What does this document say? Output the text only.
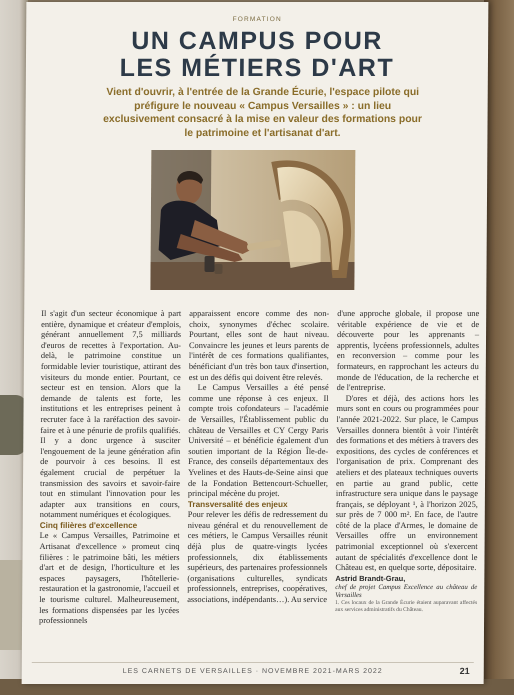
FORMATION
UN CAMPUS POUR
LES MÉTIERS D'ART
Vient d'ouvrir, à l'entrée de la Grande Écurie, l'espace pilote qui préfigure le nouveau « Campus Versailles » : un lieu exclusivement consacré à la mise en valeur des formations pour le patrimoine et l'artisanat d'art.

Il s'agit d'un secteur économique à part entière, dynamique et créateur d'emplois, générant annuellement 7,5 milliards d'euros de recettes à l'exportation. Au-delà, le patrimoine constitue un formidable levier touristique, attirant des visiteurs du monde entier. Pourtant, ce secteur est en tension. Alors que la demande de talents est forte, les institutions et les entreprises peinent à recruter face à la raréfaction des savoir-faire et à une pénurie de profils qualifiés. Il y a donc urgence à susciter l'engouement de la jeune génération afin de pourvoir à ces besoins. Il est également crucial de perpétuer la transmission des savoirs et savoir-faire tout en stimulant l'innovation pour les adapter aux transitions en cours, notamment numériques et écologiques.

Cinq filières d'excellence

Le « Campus Versailles, Patrimoine et Artisanat d'excellence » promeut cinq filières : le patrimoine bâti, les métiers d'art et de design, l'horticulture et les espaces paysagers, l'hôtellerie-restauration et la gastronomie, l'accueil et le tourisme culturel. Malheureusement, les formations dispensées par les lycées professionnels

apparaissent encore comme des non-choix, synonymes d'échec scolaire. Pourtant, elles sont de haut niveau. Convaincre les jeunes et leurs parents de l'intérêt de ces formations qualifiantes, bénéficiant d'un très bon taux d'insertion, est un des défis qui doivent être relevés.

Le Campus Versailles a été pensé comme une réponse à ces enjeux. Il compte trois cofondateurs – l'académie de Versailles, l'Établissement public du château de Versailles et CY Cergy Paris Université – et bénéficie également d'un soutien important de la Région Île-de-France, des conseils départementaux des Yvelines et des Hauts-de-Seine ainsi que de la Fondation Bettencourt-Schueller, principal mécène du projet.

Transversalité des enjeux

Pour relever les défis de redressement du niveau général et du renouvellement de ces métiers, le Campus Versailles réunit déjà plus de quatre-vingts lycées professionnels, dix établissements supérieurs, des partenaires professionnels (organisations culturelles, syndicats professionnels, entreprises, coopératives, associations, indépendants…). Au service

d'une approche globale, il propose une véritable expérience de vie et de découverte pour les apprenants – apprentis, lycéens professionnels, adultes en reconversion – comme pour les formateurs, en rapprochant les acteurs du monde de l'éducation, de la recherche et de l'entreprise.

D'ores et déjà, des actions hors les murs sont en cours ou programmées pour l'année 2021-2022. Sur place, le Campus Versailles donnera bientôt à voir l'intérêt des formations et des métiers à travers des expositions, des cycles de conférences et l'organisation de prix. Comprenant des ateliers et des plateaux techniques ouverts en partie au grand public, cette infrastructure sera unique dans le paysage français, se déployant ¹, à l'horizon 2025, sur près de 7 000 m². En face, de l'autre côté de la place d'Armes, le domaine de Versailles offre un environnement patrimonial exceptionnel où s'exercent autant de spécialités d'excellence dont le Château est, en quelque sorte, dépositaire.

Astrid Brandt-Grau,

chef de projet Campus Excellence au château de Versailles

1. Ces locaux de la Grande Écurie étaient auparavant affectés aux services administratifs du Château.

LES CARNETS DE VERSAILLES · NOVEMBRE 2021-MARS 2022	21
